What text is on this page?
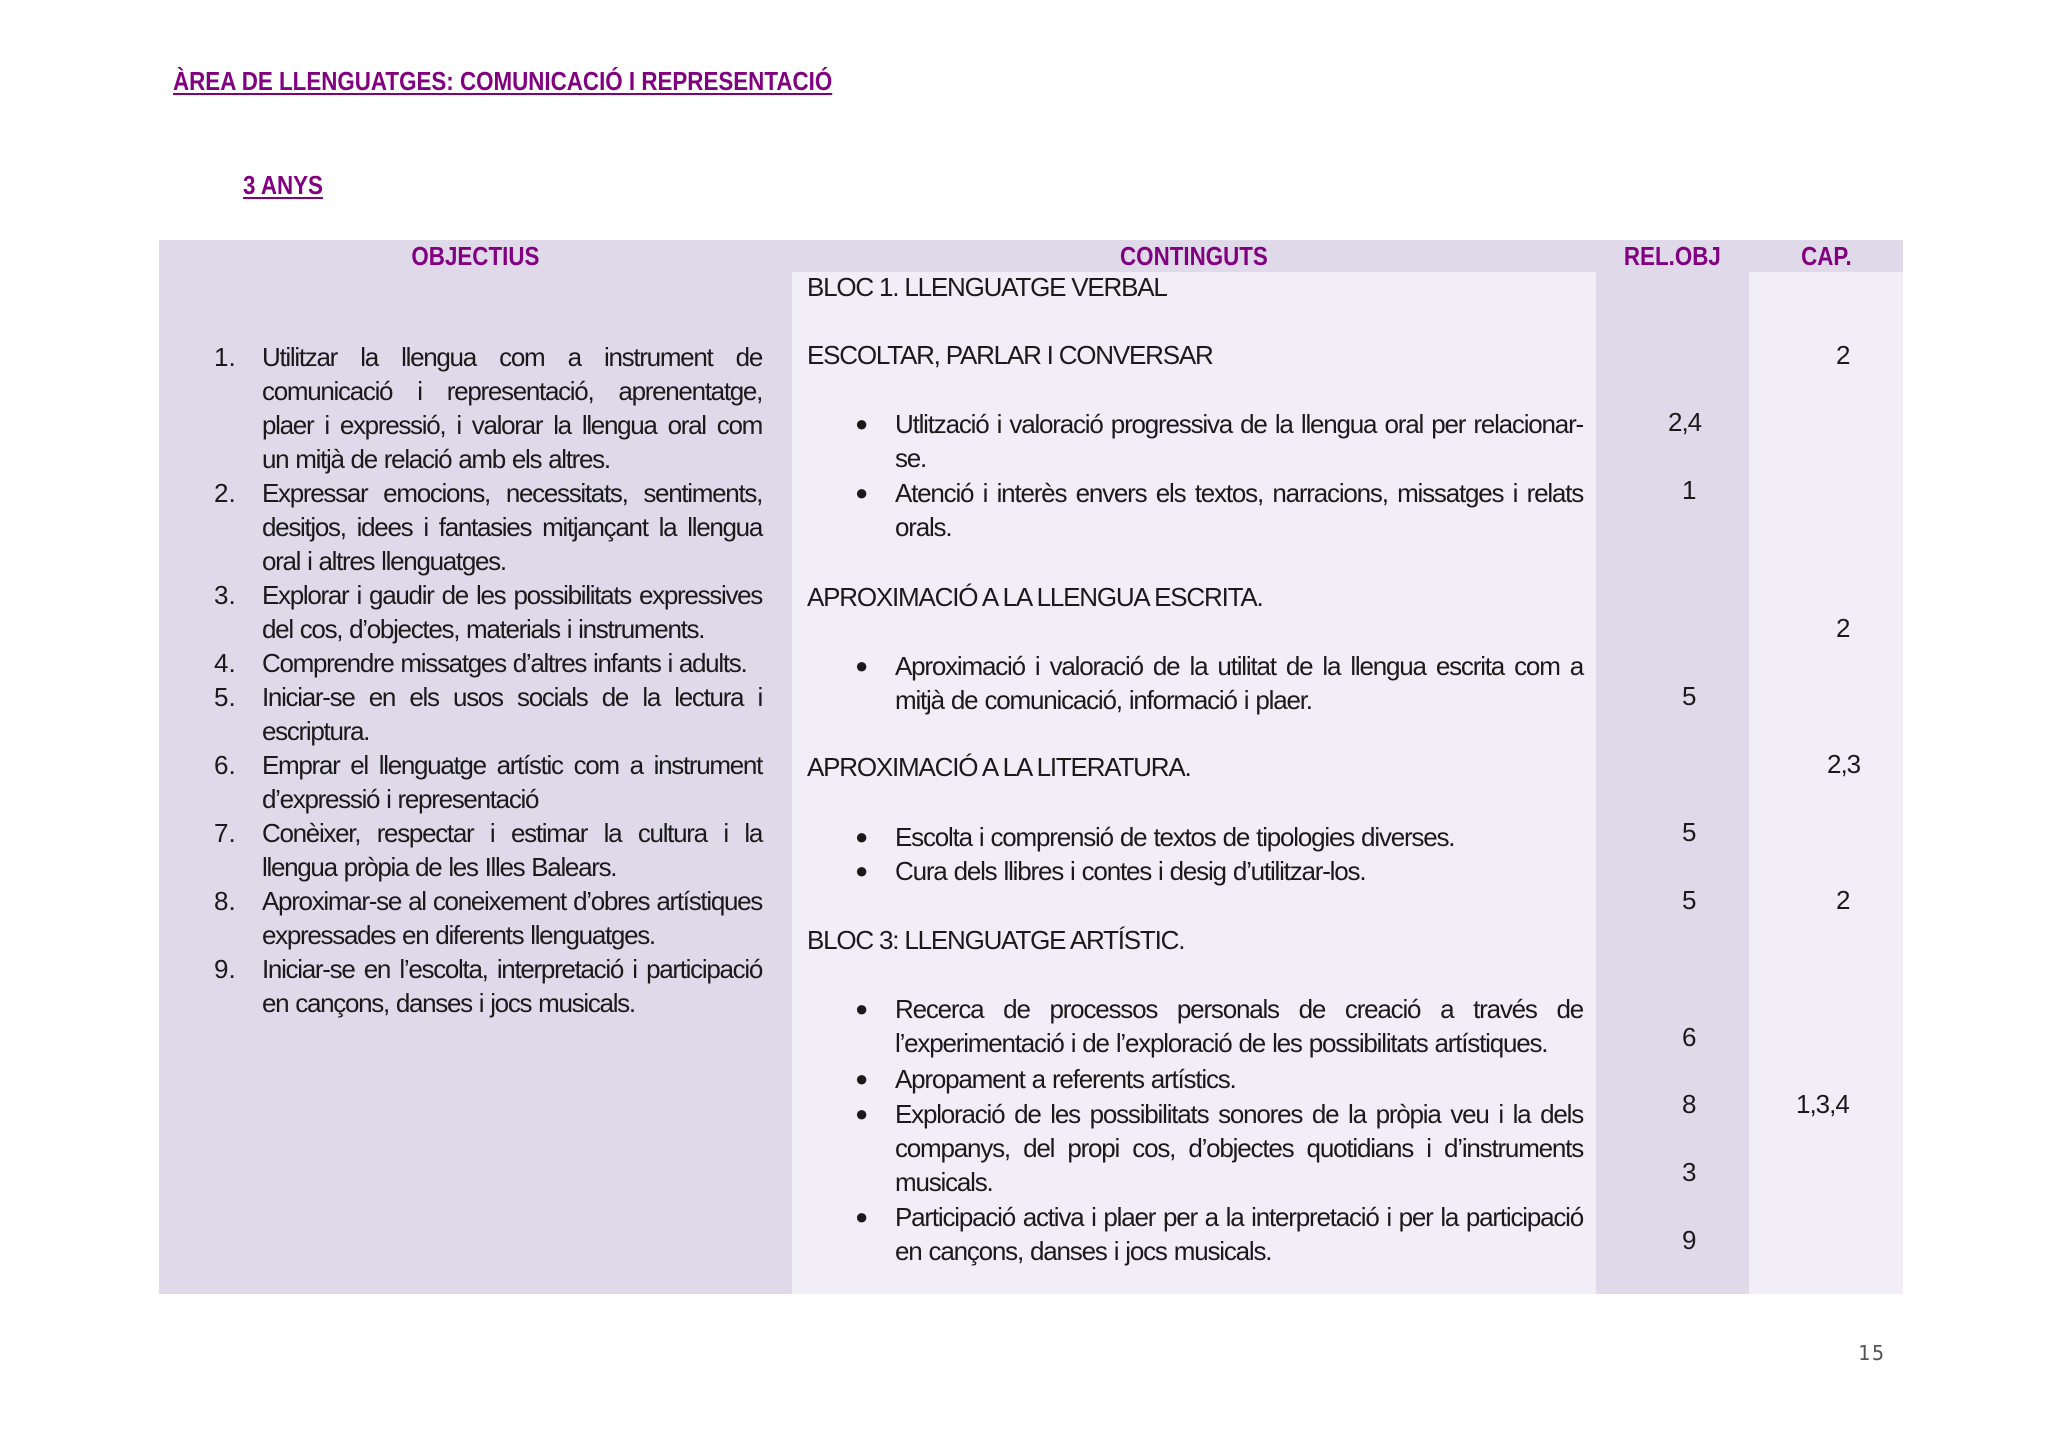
ÀREA DE LLENGUATGES: COMUNICACIÓ I REPRESENTACIÓ
3 ANYS
OBJECTIUS
1. Utilitzar la llengua com a instrument de comunicació i representació, aprenentatge, plaer i expressió, i valorar la llengua oral com un mitjà de relació amb els altres.
2. Expressar emocions, necessitats, sentiments, desitjos, idees i fantasies mitjançant la llengua oral i altres llenguatges.
3. Explorar i gaudir de les possibilitats expressives del cos, d’objectes, materials i instruments.
4. Comprendre missatges d’altres infants i adults.
5. Iniciar-se en els usos socials de la lectura i escriptura.
6. Emprar el llenguatge artístic com a instrument d’expressió i representació
7. Conèixer, respectar i estimar la cultura i la llengua pròpia de les Illes Balears.
8. Aproximar-se al coneixement d’obres artístiques expressades en diferents llenguatges.
9. Iniciar-se en l’escolta, interpretació i participació en cançons, danses i jocs musicals.
CONTINGUTS	REL.OBJ	CAP.
BLOC 1. LLENGUATGE VERBAL
ESCOLTAR, PARLAR I CONVERSAR
● Utlització i valoració progressiva de la llengua oral per relacionar-se.
● Atenció i interès envers els textos, narracions, missatges i relats orals.
APROXIMACIÓ A LA LLENGUA ESCRITA.
● Aproximació i valoració de la utilitat de la llengua escrita com a mitjà de comunicació, informació i plaer.
APROXIMACIÓ A LA LITERATURA.
● Escolta i comprensió de textos de tipologies diverses.
● Cura dels llibres i contes i desig d’utilitzar-los.
BLOC 3: LLENGUATGE ARTÍSTIC.
● Recerca de processos personals de creació a través de l’experimentació i de l’exploració de les possibilitats artístiques.
● Apropament a referents artístics.
● Exploració de les possibilitats sonores de la pròpia veu i la dels companys, del propi cos, d’objectes quotidians i d’instruments musicals.
● Participació activa i plaer per a la interpretació i per la participació en cançons, danses i jocs musicals.
2,4
1
5
5
5
6
8
3
9
2
2
2,3
2
1,3,4
15
